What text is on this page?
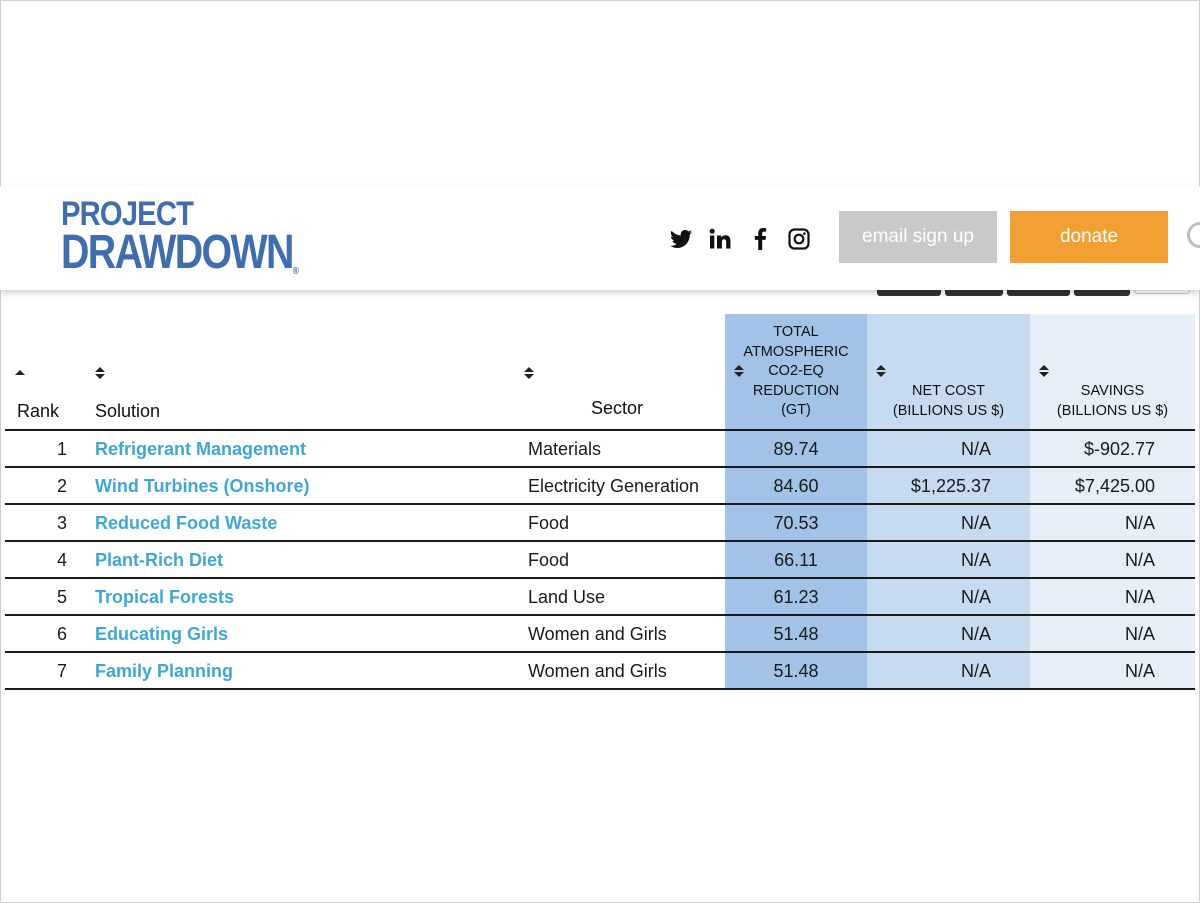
PROJECT
DRAWDOWN®
email sign up	donate
Rank Solution	Sector
TOTAL
ATMOSPHERIC
CO2-EQ
REDUCTION
(GT)
NET COST
(BILLIONS US $)
SAVINGS
(BILLIONS US $)
1 Refrigerant Management	Materials	89.74	N/A	$-902.77
2 Wind Turbines (Onshore)	Electricity Generation	84.60	$1,225.37	$7,425.00
3 Reduced Food Waste	Food	70.53	N/A	N/A
4 Plant-Rich Diet	Food	66.11	N/A	N/A
5 Tropical Forests	Land Use	61.23	N/A	N/A
6 Educating Girls	Women and Girls	51.48	N/A	N/A
7 Family Planning	Women and Girls	51.48	N/A	N/A
